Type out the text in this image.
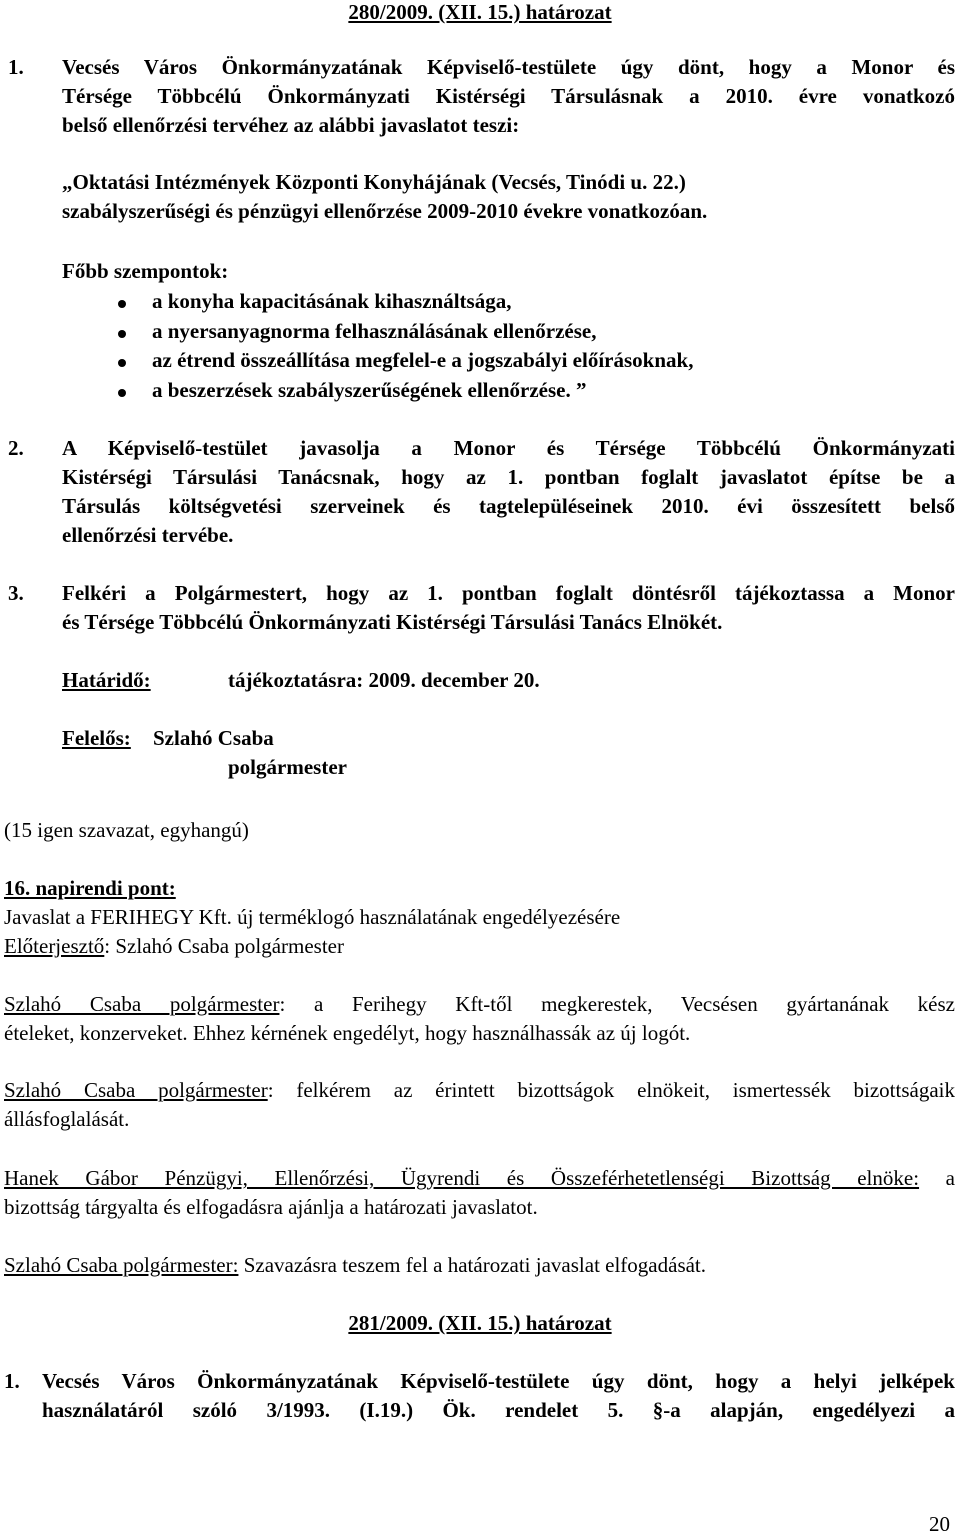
280/2009. (XII. 15.) határozat
1. Vecsés Város Önkormányzatának Képviselő-testülete úgy dönt, hogy a Monor és
Térsége Többcélú Önkormányzati Kistérségi Társulásnak a 2010. évre vonatkozó
belső ellenőrzési tervéhez az alábbi javaslatot teszi:
„Oktatási Intézmények Központi Konyhájának (Vecsés, Tinódi u. 22.)
szabályszerűségi és pénzügyi ellenőrzése 2009-2010 évekre vonatkozóan.
Főbb szempontok:
a konyha kapacitásának kihasználtsága,
a nyersanyagnorma felhasználásának ellenőrzése,
az étrend összeállítása megfelel-e a jogszabályi előírásoknak,
a beszerzések szabályszerűségének ellenőrzése. ”
2. A Képviselő-testület javasolja a Monor és Térsége Többcélú Önkormányzati
Kistérségi Társulási Tanácsnak, hogy az 1. pontban foglalt javaslatot építse be a
Társulás költségvetési szerveinek és tagtelepüléseinek 2010. évi összesített belső
ellenőrzési tervébe.
3. Felkéri a Polgármestert, hogy az 1. pontban foglalt döntésről tájékoztassa a Monor
és Térsége Többcélú Önkormányzati Kistérségi Társulási Tanács Elnökét.
Határidő:	tájékoztatásra: 2009. december 20.
Felelős: Szlahó Csaba
polgármester
(15 igen szavazat, egyhangú)
16. napirendi pont:
Javaslat a FERIHEGY Kft. új terméklogó használatának engedélyezésére
Előterjesztő: Szlahó Csaba polgármester
Szlahó Csaba polgármester: a Ferihegy Kft-től megkerestek, Vecsésen gyártanának kész
ételeket, konzerveket. Ehhez kérnének engedélyt, hogy használhassák az új logót.
Szlahó Csaba polgármester: felkérem az érintett bizottságok elnökeit, ismertessék bizottságaik
állásfoglalását.
Hanek Gábor Pénzügyi, Ellenőrzési, Ügyrendi és Összeférhetetlenségi Bizottság elnöke: a
bizottság tárgyalta és elfogadásra ajánlja a határozati javaslatot.
Szlahó Csaba polgármester: Szavazásra teszem fel a határozati javaslat elfogadását.
281/2009. (XII. 15.) határozat
1. Vecsés Város Önkormányzatának Képviselő-testülete úgy dönt, hogy a helyi jelképek
használatáról szóló 3/1993. (I.19.) Ök. rendelet 5. §-a alapján, engedélyezi a
20
